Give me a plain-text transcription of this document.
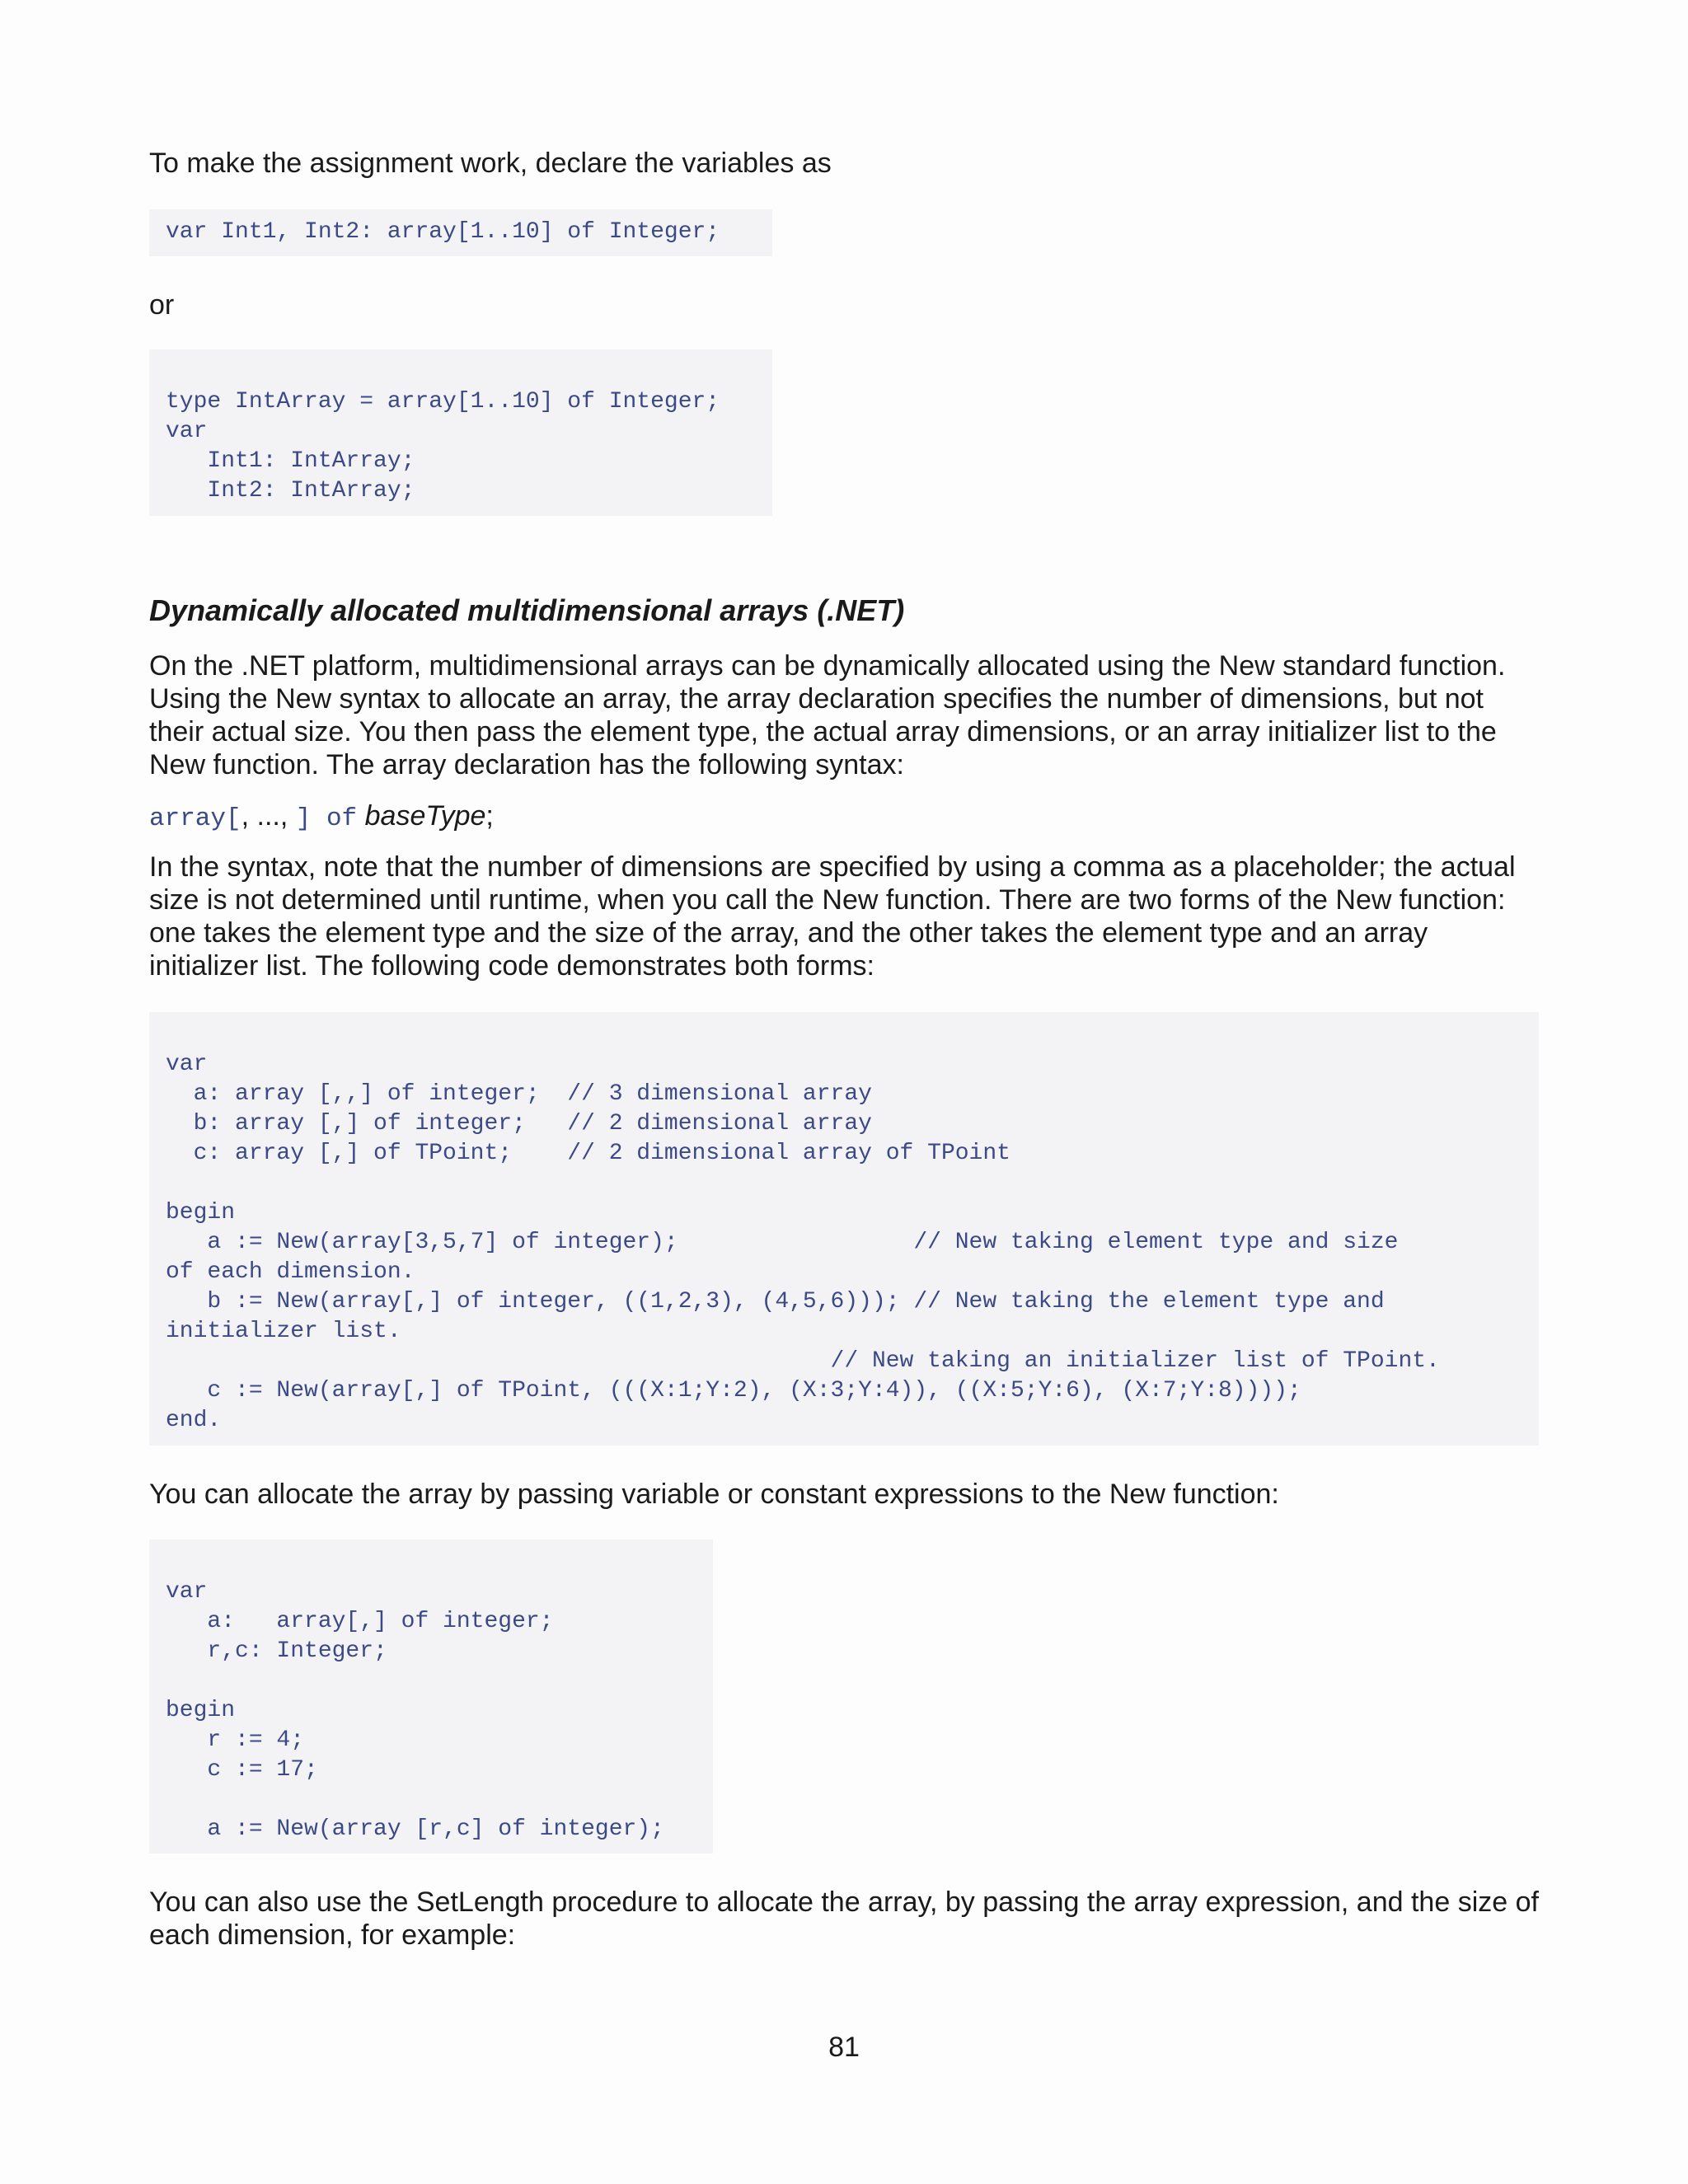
To make the assignment work, declare the variables as

var Int1, Int2: array[1..10] of Integer;

or

type IntArray = array[1..10] of Integer;
var
Int1: IntArray;
Int2: IntArray;
Dynamically allocated multidimensional arrays (.NET)

On the .NET platform, multidimensional arrays can be dynamically allocated using the New standard function. Using the New syntax to allocate an array, the array declaration specifies the number of dimensions, but not their actual size. You then pass the element type, the actual array dimensions, or an array initializer list to the New function. The array declaration has the following syntax:

array[, ..., ] of baseType;

In the syntax, note that the number of dimensions are specified by using a comma as a placeholder; the actual size is not determined until runtime, when you call the New function. There are two forms of the New function: one takes the element type and the size of the array, and the other takes the element type and an array initializer list. The following code demonstrates both forms:

var
a: array [,,] of integer;  // 3 dimensional array
b: array [,] of integer;   // 2 dimensional array
c: array [,] of TPoint;    // 2 dimensional array of TPoint
begin
a := New(array[3,5,7] of integer);                 // New taking element type and size
of each dimension.
b := New(array[,] of integer, ((1,2,3), (4,5,6))); // New taking the element type and
initializer list.
// New taking an initializer list of TPoint.
c := New(array[,] of TPoint, (((X:1;Y:2), (X:3;Y:4)), ((X:5;Y:6), (X:7;Y:8))));
end.

You can allocate the array by passing variable or constant expressions to the New function:

var
a:   array[,] of integer;
r,c: Integer;
begin
r := 4;
c := 17;
a := New(array [r,c] of integer);

You can also use the SetLength procedure to allocate the array, by passing the array expression, and the size of each dimension, for example:

81
